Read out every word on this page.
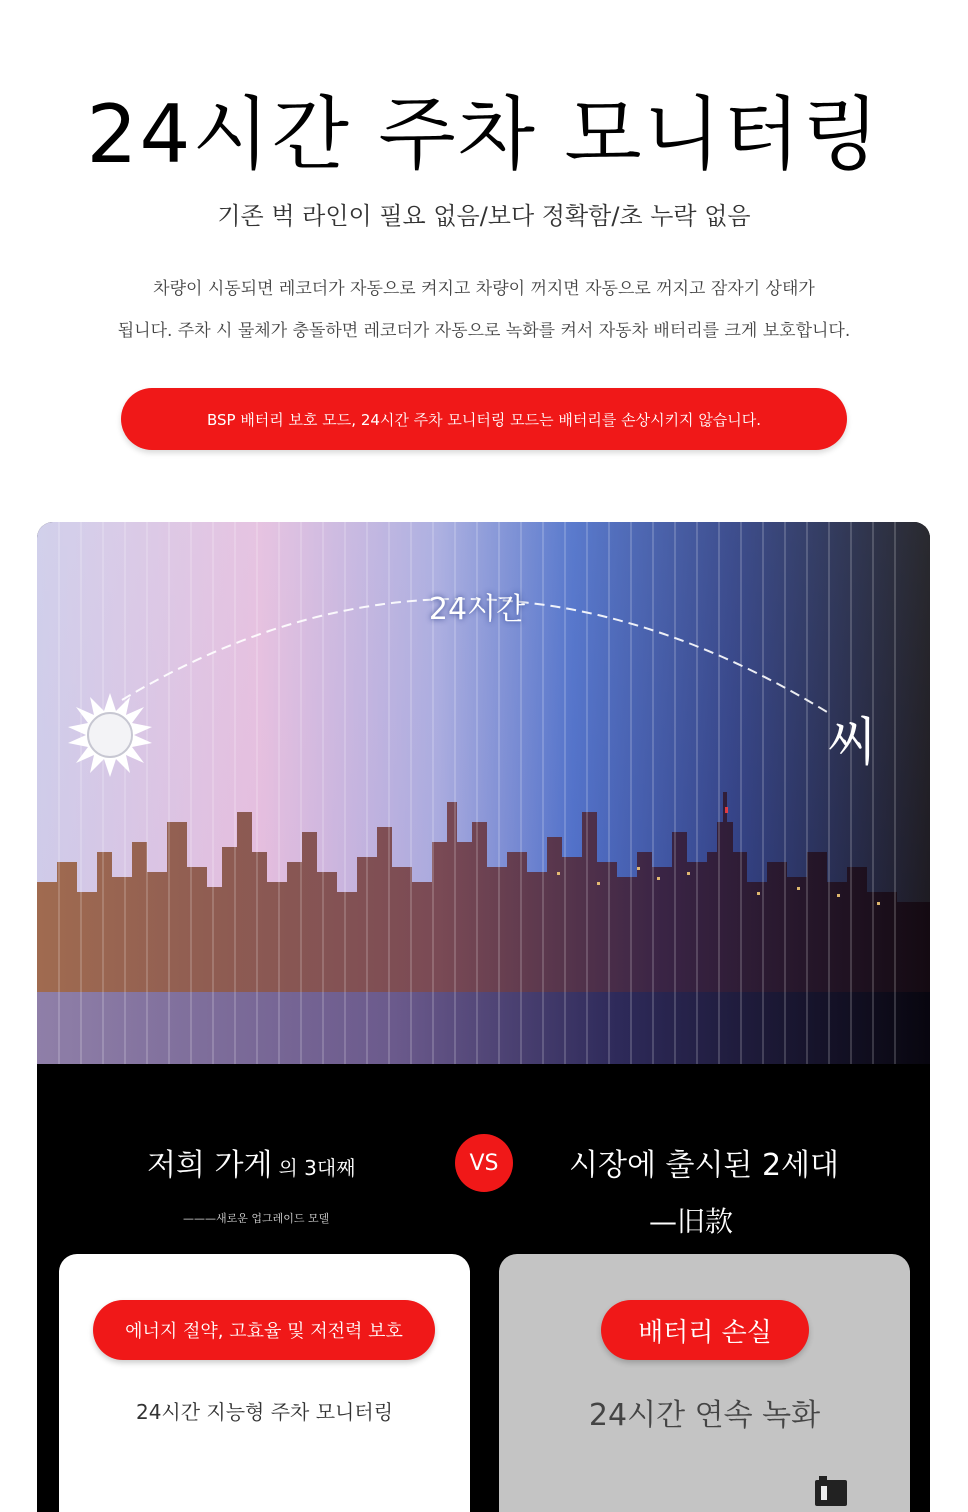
24시간 주차 모니터링
기존 벅 라인이 필요 없음/보다 정확함/초 누락 없음
차량이 시동되면 레코더가 자동으로 켜지고 차량이 꺼지면 자동으로 꺼지고 잠자기 상태가
됩니다. 주차 시 물체가 충돌하면 레코더가 자동으로 녹화를 켜서 자동차 배터리를 크게 보호합니다.
BSP 배터리 보호 모드, 24시간 주차 모니터링 모드는 배터리를 손상시키지 않습니다.
24시간
씨
저희 가게 의 3대째
———새로운 업그레이드 모델
VS 시장에 출시된 2세대
—旧款
에너지 절약, 고효율 및 저전력 보호
24시간 지능형 주차 모니터링
배터리 손실
24시간 연속 녹화
